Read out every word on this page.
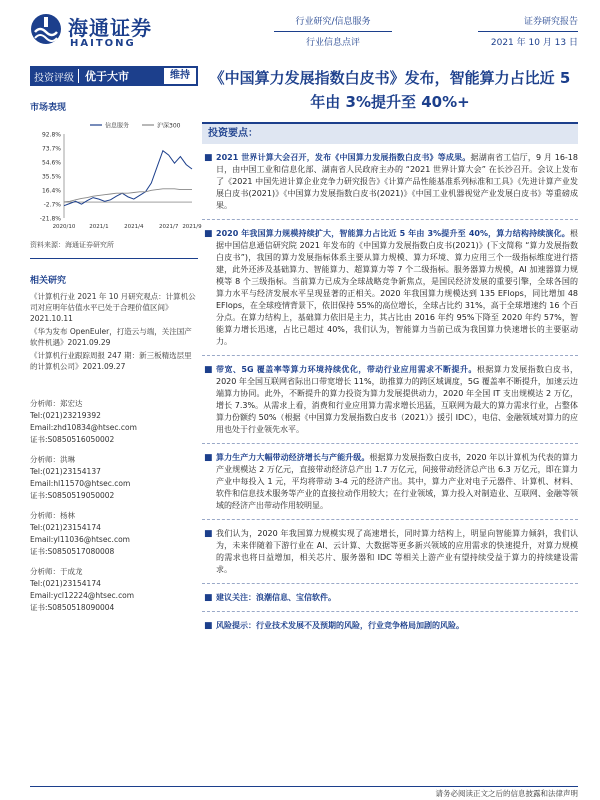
海通证券
HAITONG
行业研究/信息服务
行业信息点评
证券研究报告
2021 年 10 月 13 日
投资评级	优于大市	维持
市场表现
92.8%
73.7%
54.6%
35.5%
16.4%
-2.7%
-21.8%
2020/10	2021/1	2021/4	2021/7 2021/9
信息服务	沪深300
资料来源：海通证券研究所
相关研究
《计算机行业 2021 年 10 月研究观点：计算机公司对应明年估值水平已处于合理价值区间》2021.10.11
《华为发布 OpenEuler，打造云与端，关注国产软件机遇》2021.09.29
《计算机行业跟踪周报 247 期：新三板精选层里的计算机公司》2021.09.27
分析师：郑宏达
Tel:(021)23219392
Email:zhd10834@htsec.com
证书:S0850516050002
分析师：洪琳
Tel:(021)23154137
Email:hl11570@htsec.com
证书:S0850519050002
分析师：杨林
Tel:(021)23154174
Email:yl11036@htsec.com
证书:S0850517080008
分析师：于成龙
Tel:(021)23154174
Email:ycl12224@htsec.com
证书:S0850518090004
《中国算力发展指数白皮书》发布，智能算力占比近 5 年由 3%提升至 40%+
投资要点：
■ 2021 世界计算大会召开，发布《中国算力发展指数白皮书》等成果。据湖南省工信厅，9 月 16-18 日，由中国工业和信息化部、湖南省人民政府主办的 “2021 世界计算大会” 在长沙召开。会议上发布了《2021 中国先进计算企业竞争力研究报告》《计算产品性能基准系列标准和工具》《先进计算产业发展白皮书(2021)》《中国算力发展指数白皮书(2021)》《中国工业机器视觉产业发展白皮书》等重磅成果。
■ 2020 年我国算力规模持续扩大，智能算力占比近 5 年由 3%提升至 40%，算力结构持续演化。根据中国信息通信研究院 2021 年发布的《中国算力发展指数白皮书(2021)》(下文简称 “算力发展指数白皮书”)，我国的算力发展指标体系主要从算力规模、算力环境、算力应用三个一级指标维度进行搭建，此外还涉及基础算力、智能算力、超算算力等 7 个二级指标。服务器算力规模，AI 加速器算力规模等 8 个三级指标。当前算力已成为全球战略竞争新焦点，是国民经济发展的重要引擎，全球各国的算力水平与经济发展水平呈现显著的正相关。2020 年我国算力规模达到 135 EFlops，同比增加 48 EFlops，在全球疫情背景下，依旧保持 55%的高位增长，全球占比约 31%，高于全球增速约 16 个百分点。在算力结构上，基础算力依旧是主力，其占比由 2016 年约 95%下降至 2020 年约 57%，智能算力增长迅速，占比已超过 40%，我们认为，智能算力当前已成为我国算力快速增长的主要驱动力。
■ 带宽、5G 覆盖率等算力环境持续优化，带动行业应用需求不断提升。根据算力发展指数白皮书，2020 年全国互联网省际出口带宽增长 11%，助推算力的跨区域调度，5G 覆盖率不断提升，加速云边端算力协同。此外，不断提升的算力投资为算力发展提供动力，2020 年全国 IT 支出规模达 2 万亿，增长 7.3%。从需求上看，消费和行业应用算力需求增长迅猛，互联网为最大的算力需求行业，占整体算力份额约 50%（根据《中国算力发展指数白皮书（2021）》援引 IDC），电信、金融领域对算力的应用也处于行业领先水平。
■ 算力生产力大幅带动经济增长与产能升级。根据算力发展指数白皮书，2020 年以计算机为代表的算力产业规模达 2 万亿元，直接带动经济总产出 1.7 万亿元，间接带动经济总产出 6.3 万亿元，即在算力产业中每投入 1 元，平均将带动 3-4 元的经济产出。其中，算力产业对电子元器件、计算机、材料、软件和信息技术服务等产业的直接拉动作用较大；在行业领域，算力投入对制造业、互联网、金融等领域的经济产出带动作用较明显。
■ 我们认为，2020 年我国算力规模实现了高速增长，同时算力结构上，明显向智能算力倾斜，我们认为，未来伴随着下游行业在 AI、云计算、大数据等更多新兴领域的应用需求的快速提升，对算力规模的需求也将日益增加，相关芯片、服务器和 IDC 等相关上游产业有望持续受益于算力的持续建设需求。
■ 建议关注：浪潮信息、宝信软件。
■ 风险提示：行业技术发展不及预期的风险，行业竞争格局加剧的风险。
请务必阅读正文之后的信息披露和法律声明
